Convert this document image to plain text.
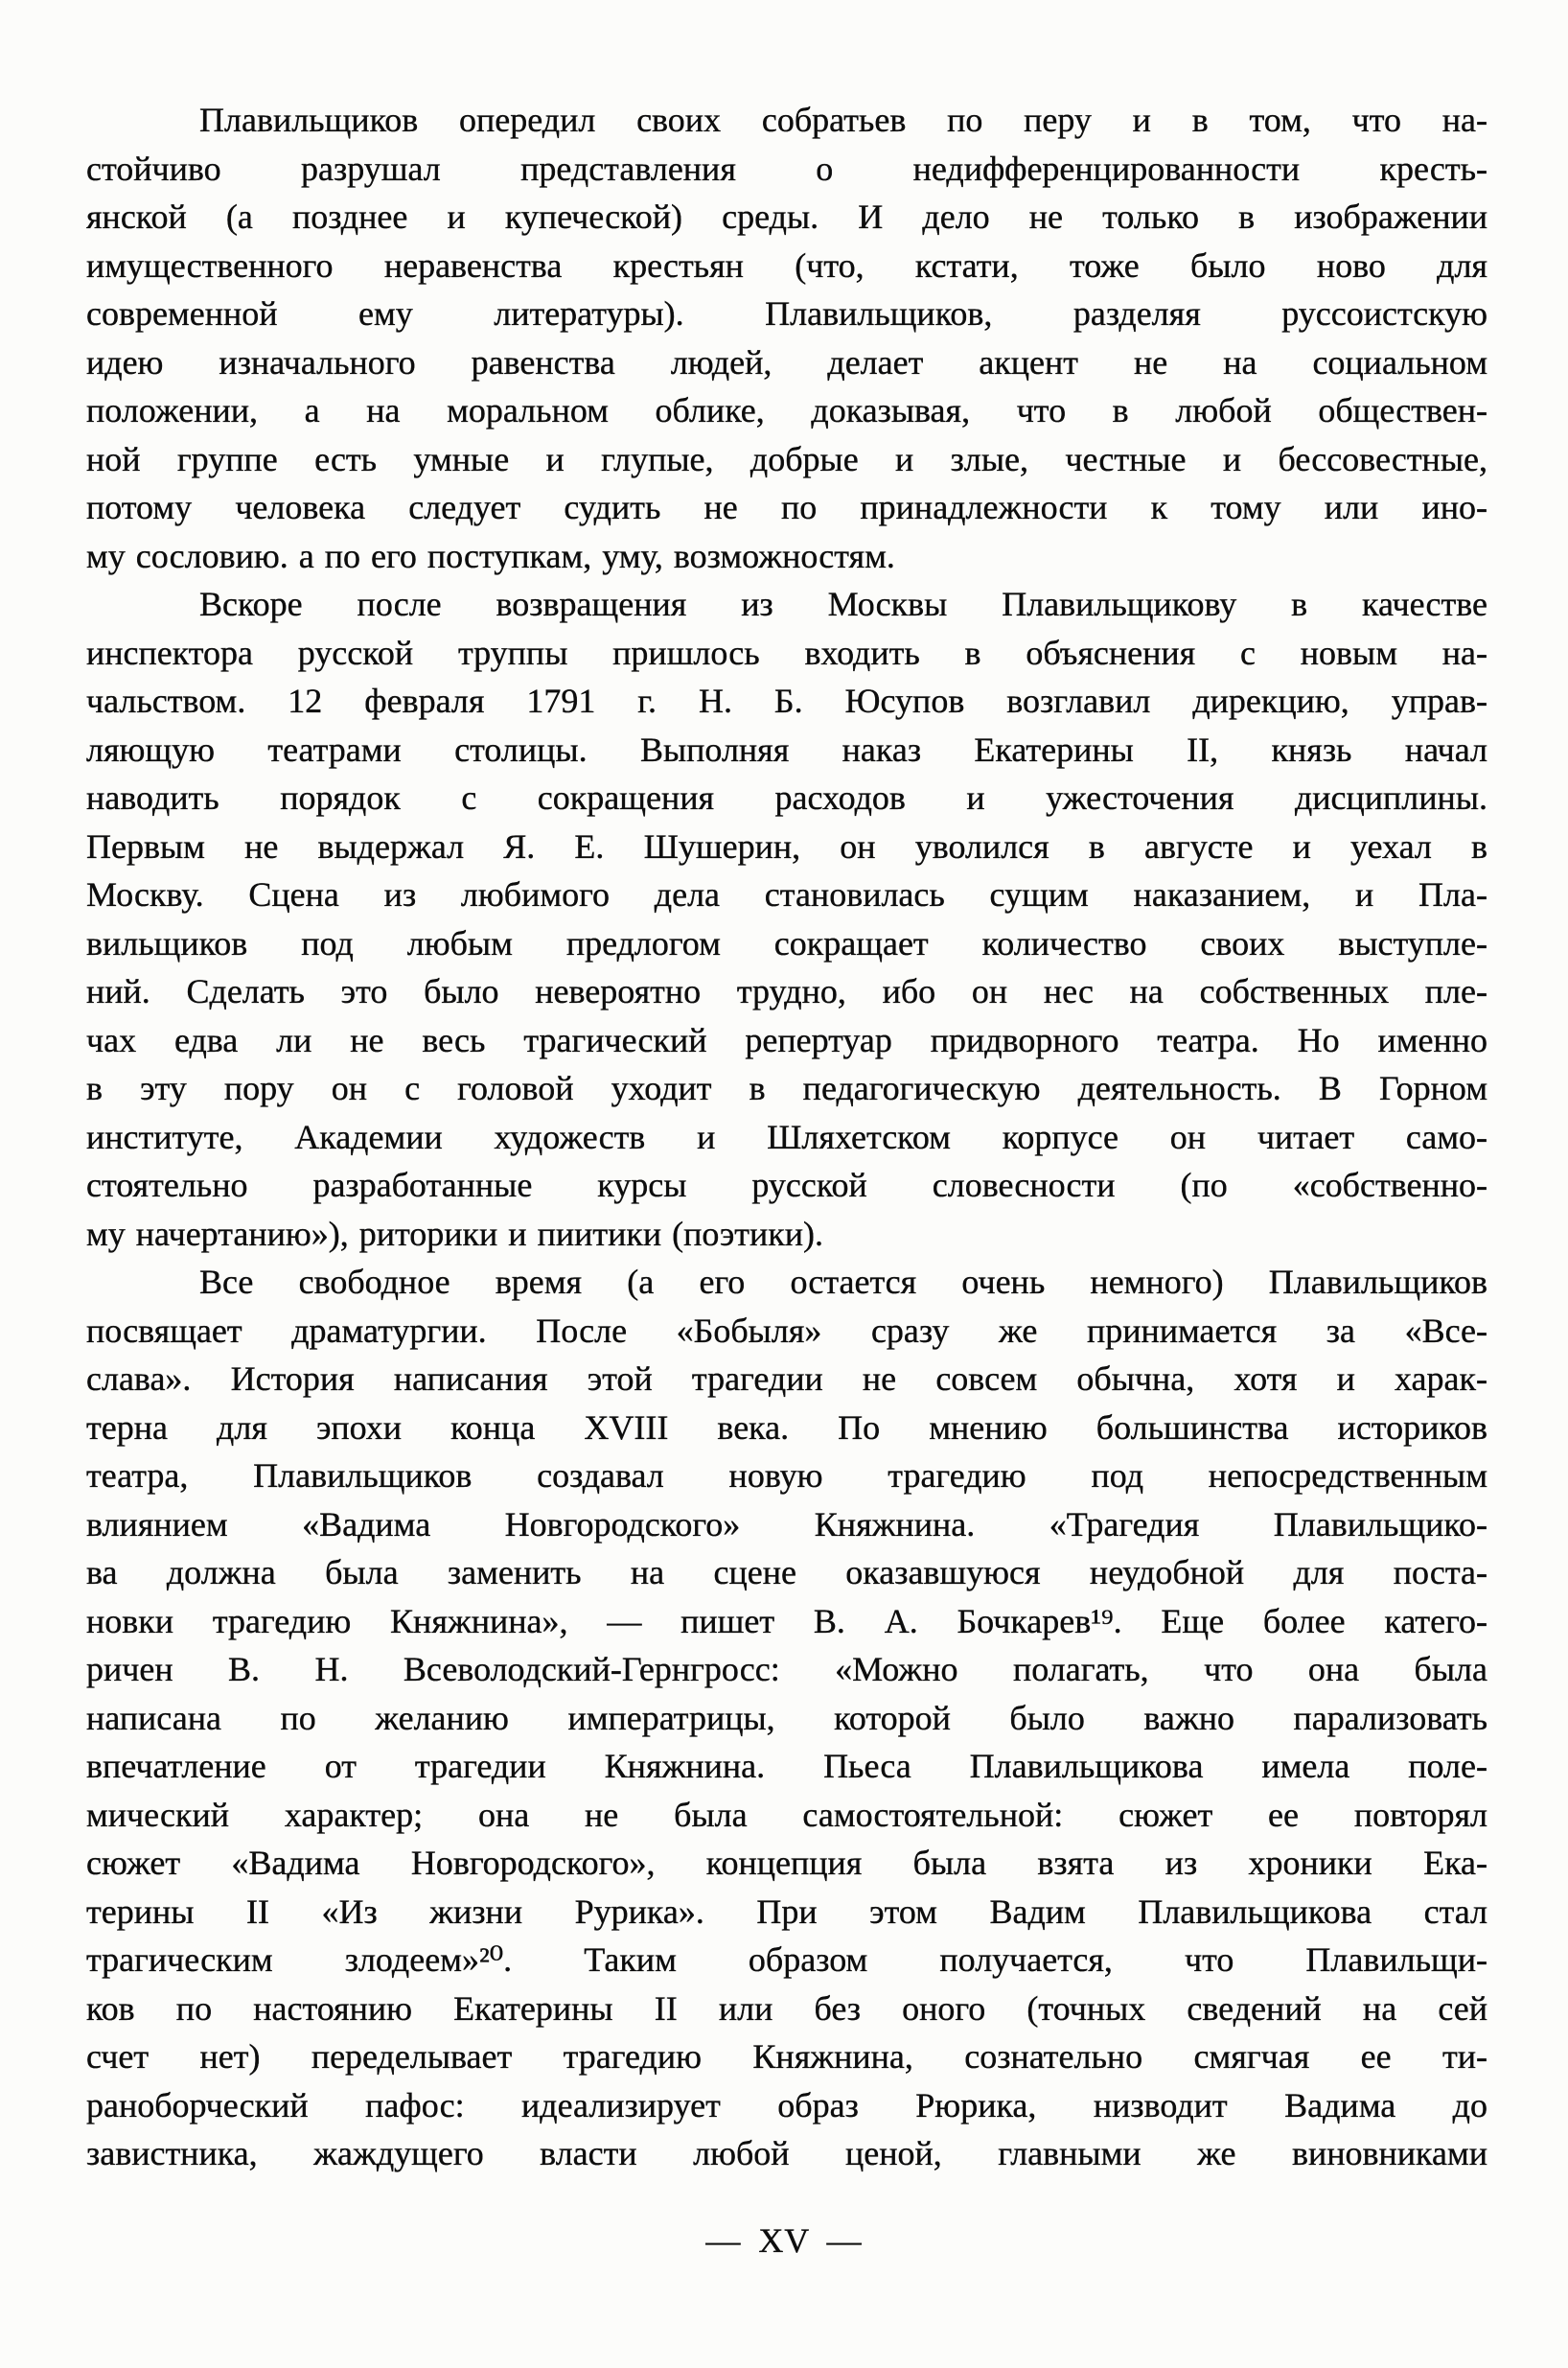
Плавильщиков опередил своих собратьев по перу и в том, что на-
стойчиво разрушал представления о недифференцированности кресть-
янской (а позднее и купеческой) среды. И дело не только в изображении
имущественного неравенства крестьян (что, кстати, тоже было ново для
современной ему литературы). Плавильщиков, разделяя руссоистскую
идею изначального равенства людей, делает акцент не на социальном
положении, а на моральном облике, доказывая, что в любой обществен-
ной группе есть умные и глупые, добрые и злые, честные и бессовестные,
потому человека следует судить не по принадлежности к тому или ино-
му сословию. а по его поступкам, уму, возможностям.
Вскоре после возвращения из Москвы Плавильщикову в качестве
инспектора русской труппы пришлось входить в объяснения с новым на-
чальством. 12 февраля 1791 г. Н. Б. Юсупов возглавил дирекцию, управ-
ляющую театрами столицы. Выполняя наказ Екатерины II, князь начал
наводить порядок с сокращения расходов и ужесточения дисциплины.
Первым не выдержал Я. Е. Шушерин, он уволился в августе и уехал в
Москву. Сцена из любимого дела становилась сущим наказанием, и Пла-
вильщиков под любым предлогом сокращает количество своих выступле-
ний. Сделать это было невероятно трудно, ибо он нес на собственных пле-
чах едва ли не весь трагический репертуар придворного театра. Но именно
в эту пору он с головой уходит в педагогическую деятельность. В Горном
институте, Академии художеств и Шляхетском корпусе он читает само-
стоятельно разработанные курсы русской словесности (по «собственно-
му начертанию»), риторики и пиитики (поэтики).
Все свободное время (а его остается очень немного) Плавильщиков
посвящает драматургии. После «Бобыля» сразу же принимается за «Все-
слава». История написания этой трагедии не совсем обычна, хотя и харак-
терна для эпохи конца XVIII века. По мнению большинства историков
театра, Плавильщиков создавал новую трагедию под непосредственным
влиянием «Вадима Новгородского» Княжнина. «Трагедия Плавильщико-
ва должна была заменить на сцене оказавшуюся неудобной для поста-
новки трагедию Княжнина», — пишет В. А. Бочкарев¹⁹. Еще более катего-
ричен В. Н. Всеволодский-Гернгросс: «Можно полагать, что она была
написана по желанию императрицы, которой было важно парализовать
впечатление от трагедии Княжнина. Пьеса Плавильщикова имела поле-
мический характер; она не была самостоятельной: сюжет ее повторял
сюжет «Вадима Новгородского», концепция была взята из хроники Ека-
терины II «Из жизни Рурика». При этом Вадим Плавильщикова стал
трагическим злодеем»²⁰. Таким образом получается, что Плавильщи-
ков по настоянию Екатерины II или без оного (точных сведений на сей
счет нет) переделывает трагедию Княжнина, сознательно смягчая ее ти-
раноборческий пафос: идеализирует образ Рюрика, низводит Вадима до
завистника, жаждущего власти любой ценой, главными же виновниками
— XV —
